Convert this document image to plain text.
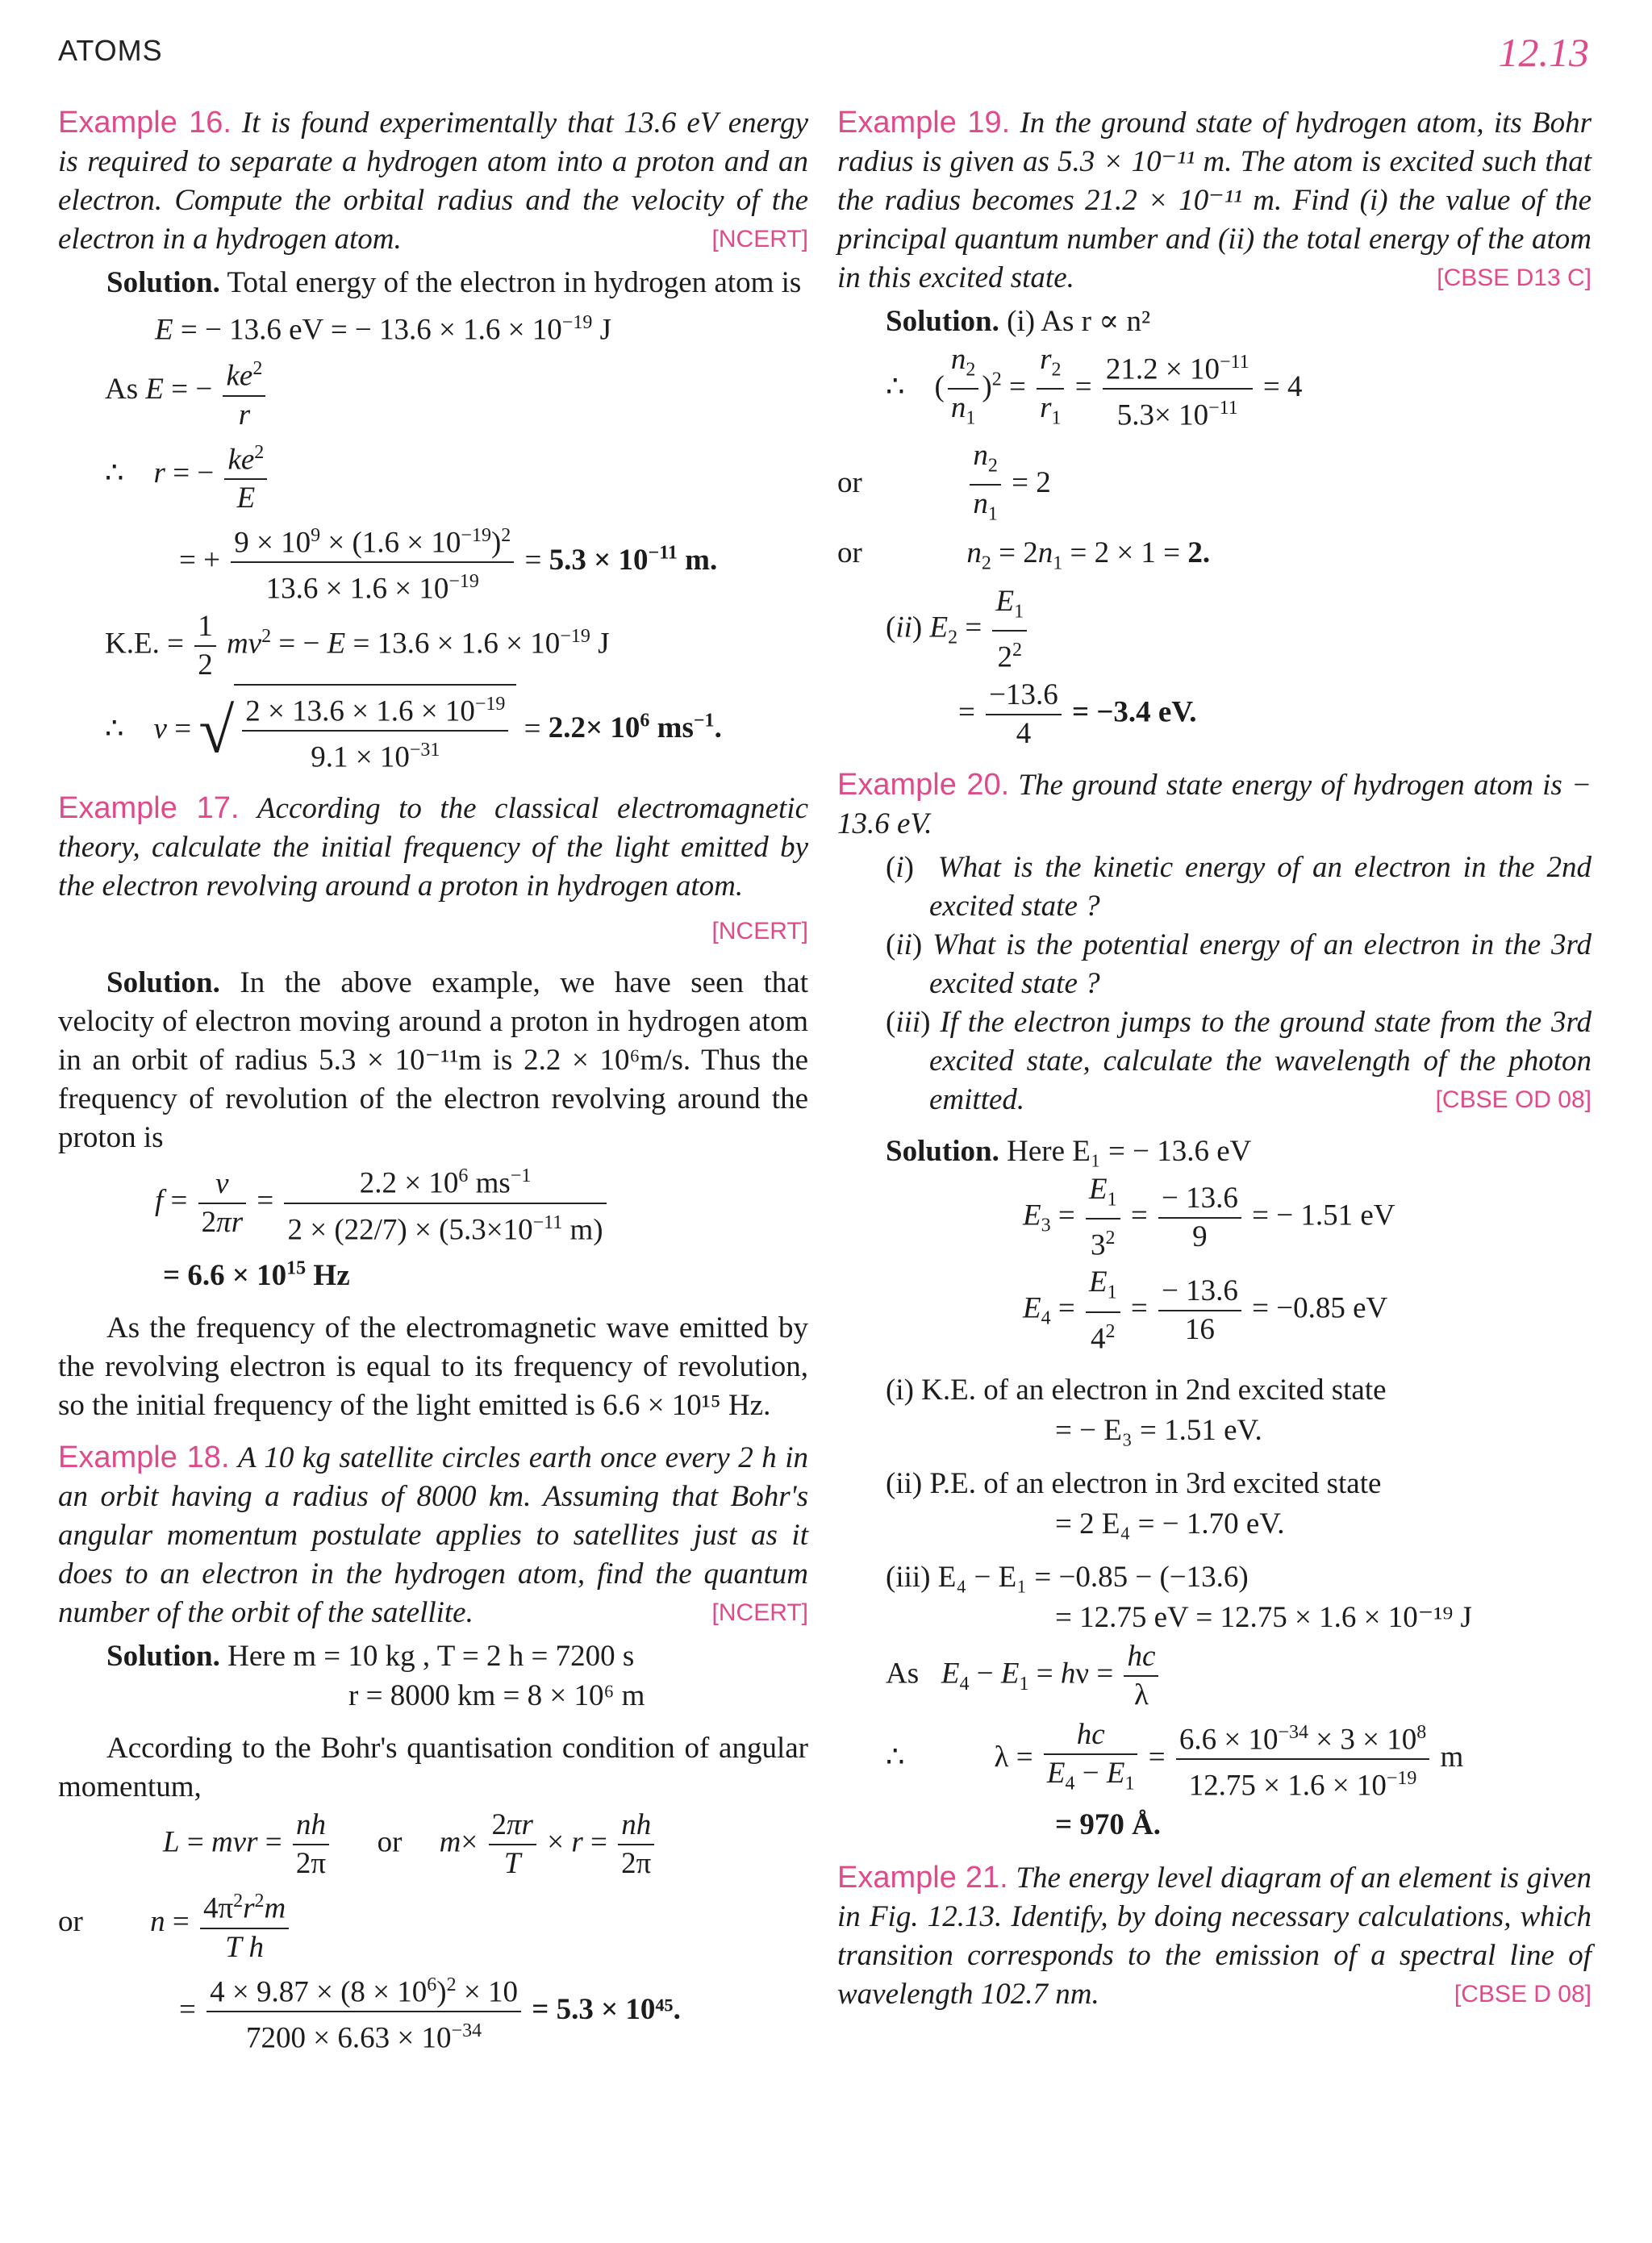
ATOMS	12.13

Example 16. It is found experimentally that 13.6 eV energy is required to separate a hydrogen atom into a proton and an electron. Compute the orbital radius and the velocity of the electron in a hydrogen atom.	[NCERT]

Solution. Total energy of the electron in hydrogen atom is

E = − 13.6 eV = − $13.6 \times 1.6 \times 10^{-19}$ J
As E = − $\frac{ke^2}{r}$
∴    r = − $\frac{ke^2}{E}$
= + $\frac{9 \times 10^9 \times (1.6 \times 10^{-19})^2}{13.6 \times 1.6 \times 10^{-19}} = 5.3 \times 10^{-11}$ m.
K.E. = $\frac{1}{2} mv^2$ = − $E = 13.6 \times 1.6 \times 10^{-19}$ J
∴    v = √ $\frac{2 \times 13.6 \times 1.6 \times 10^{-19}}{9.1 \times 10^{-31}} = 2.2\times 10^6$ $ms^{-1}$.

Example 17. According to the classical electromagnetic theory, calculate the initial frequency of the light emitted by the electron revolving around a proton in hydrogen atom.

[NCERT]

Solution. In the above example, we have seen that velocity of electron moving around a proton in hydrogen atom in an orbit of radius 5.3 × 10⁻¹¹m is 2.2 × 10⁶m/s. Thus the frequency of revolution of the electron revolving around the proton is

$f = \frac{v}{2\pi r} = \frac{2.2 \times 10^6 ms^{-1}}{2 \times (22/7) \times (5.3\times 10^{-11} m)}$
= $6.6 \times 10^{15}$ Hz

As the frequency of the electromagnetic wave emitted by the revolving electron is equal to its frequency of revolution, so the initial frequency of the light emitted is 6.6 × 10¹⁵ Hz.

Example 18. A 10 kg satellite circles earth once every 2 h in an orbit having a radius of 8000 km. Assuming that Bohr's angular momentum postulate applies to satellites just as it does to an electron in the hydrogen atom, find the quantum number of the orbit of the satellite.	[NCERT]

Solution. Here m = 10 kg , T = 2 h = 7200 s

r = 8000 km = 8 × 10⁶ m

According to the Bohr's quantisation condition of angular momentum,

L = mvr = $\frac{nh}{2\pi}$ or     $m\times \frac{2\pi r}{T} \times r = \frac{nh}{2\pi}$
or         $n = \frac{4\pi^2r^2m}{\text{T h}}$
= $\frac{4 \times 9.87 \times (8 \times 10^6)^2 \times 10}{7200 \times 6.63 \times 10^{-34}} = 5.3 \times 10^{45}$.

Example 19. In the ground state of hydrogen atom, its Bohr radius is given as 5.3 × 10⁻¹¹ m. The atom is excited such that the radius becomes 21.2 × 10⁻¹¹ m. Find (i) the value of the principal quantum number and (ii) the total energy of the atom in this excited state.	[CBSE D13 C]

Solution. (i) As r ∝ n²

∴    ( $\frac{n_2}{n_1} )^2 = \frac{r_2}{r_1} = \frac{21.2 \times 10^{-11}}{5.3\times 10^{-11}} = 4$
or $\frac{n_2}{n_1} = 2$
or              $n_2 = 2n_1 = 2 \times 1 = 2$.
(ii) $E_2 = \frac{E_1}{2^2}$
= $\frac{-13.6}{4} = -3.4$ eV.

Example 20. The ground state energy of hydrogen atom is − 13.6 eV.

(i)  What is the kinetic energy of an electron in the 2nd excited state ?

(ii) What is the potential energy of an electron in the 3rd excited state ?

(iii) If the electron jumps to the ground state from the 3rd excited state, calculate the wavelength of the photon emitted.	[CBSE OD 08]

Solution. Here E₁ = − 13.6 eV

$E_3 = \frac{E_1}{3^2} = \frac{- 13.6}{9}$ = − 1.51 eV
$E_4 = \frac{E_1}{4^2} = \frac{- 13.6}{16} = -0.85$ eV
(i) K.E. of an electron in 2nd excited state
= − E₃ = 1.51 eV.
(ii) P.E. of an electron in 3rd excited state
= 2 E₄ = − 1.70 eV.
(iii) E₄ − E₁ = −0.85 − (−13.6)
= 12.75 eV = 12.75 × 1.6 × 10⁻¹⁹ J
As   $E_4 - E_1 = h\nu = \frac{hc}{\lambda}$
∴            $\lambda = \frac{hc}{E_4 - E_1} = \frac{6.6 \times 10^{-34} \times 3 \times 10^8}{12.75 \times 1.6 \times 10^{-19}}$ m
= 970 Å.

Example 21. The energy level diagram of an element is given in Fig. 12.13. Identify, by doing necessary calculations, which transition corresponds to the emission of a spectral line of wavelength 102.7 nm.	[CBSE D 08]
